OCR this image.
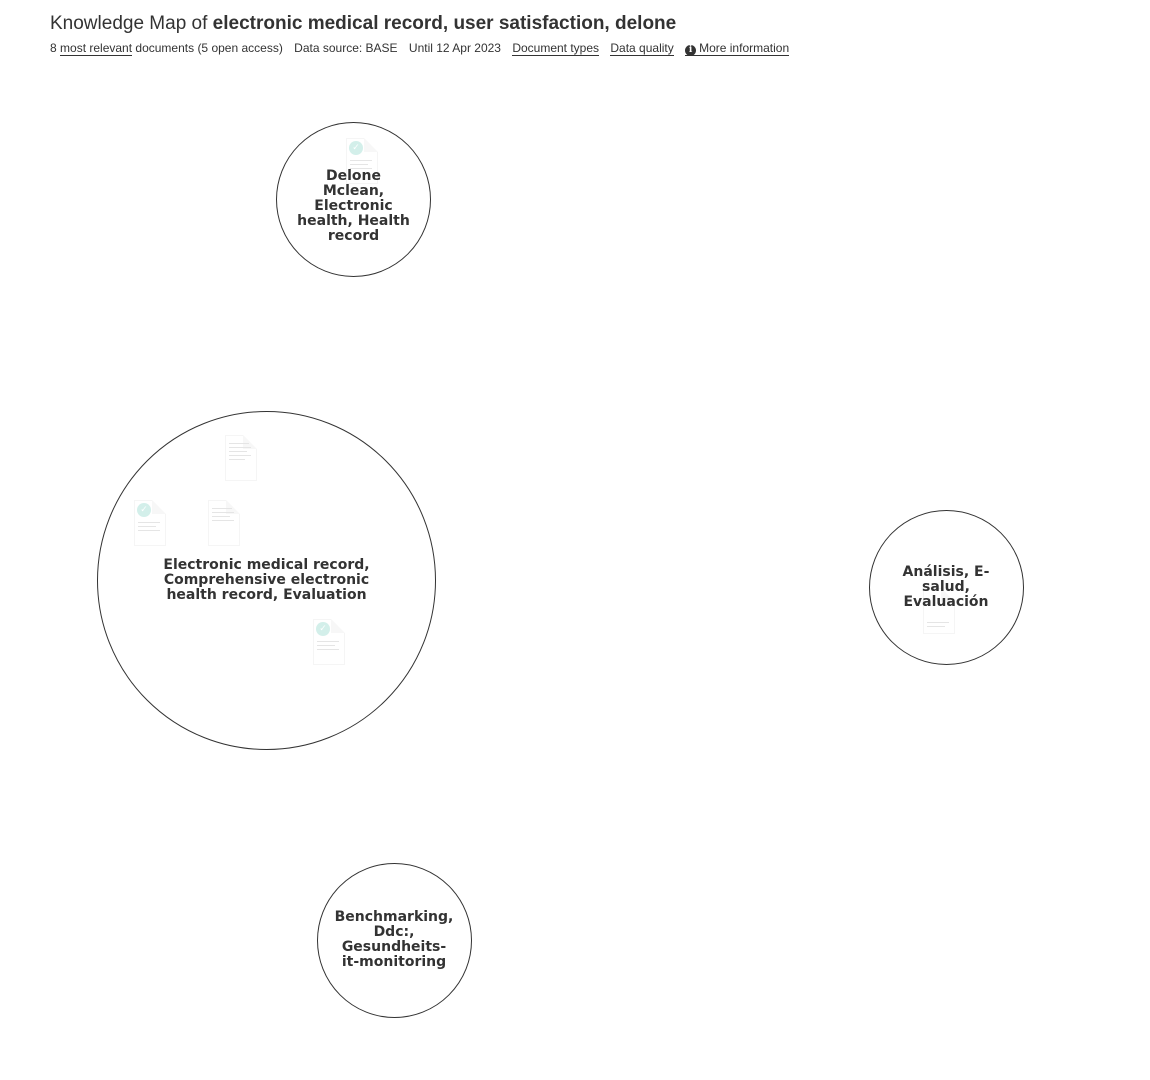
Knowledge Map of electronic medical record, user satisfaction, delone
8 most relevant documents (5 open access) Data source: BASE Until 12 Apr 2023 Document types Data quality i More information
✓
Delone Mclean, Electronic health, Health record
✓
✓
Electronic medical record, Comprehensive electronic health record, Evaluation
Análisis, E-salud, Evaluación
Benchmarking, Ddc:, Gesundheits-it-monitoring
